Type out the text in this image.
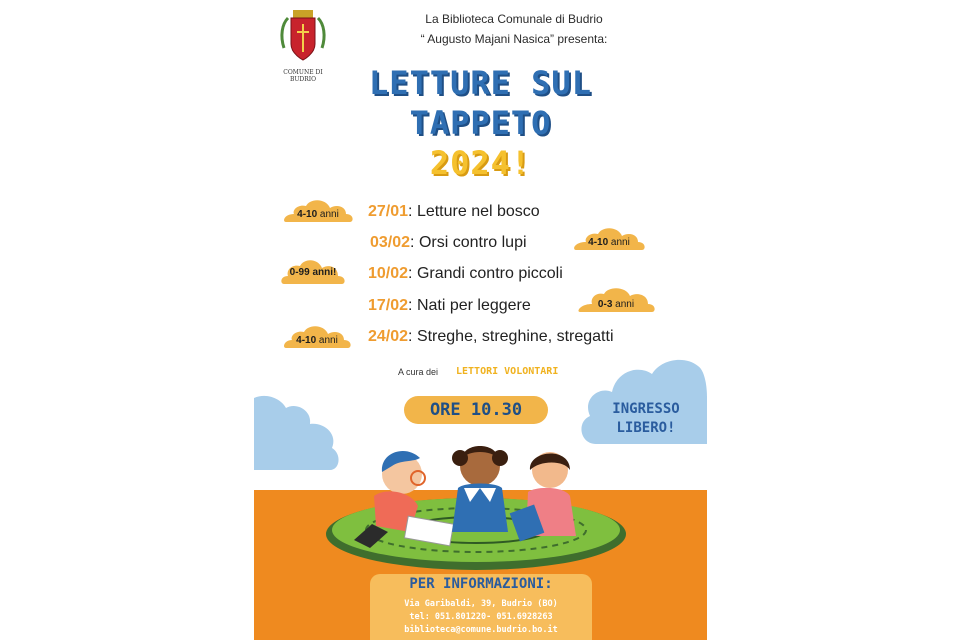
COMUNE DI BUDRIO
La Biblioteca Comunale di Budrio
“ Augusto Majani Nasica” presenta:
LETTURE SUL
TAPPETO
2024!
27/01: Letture nel bosco
03/02: Orsi contro lupi
10/02: Grandi contro piccoli
17/02: Nati per leggere
24/02: Streghe, streghine, stregatti
4-10 anni
4-10 anni
0-99 anni!
0-3 anni
4-10 anni
A cura dei LETTORI VOLONTARI
INGRESSO
LIBERO!
ORE 10.30
PER INFORMAZIONI:
Via Garibaldi, 39, Budrio (BO)
tel: 051.801220- 051.6928263
biblioteca@comune.budrio.bo.it
